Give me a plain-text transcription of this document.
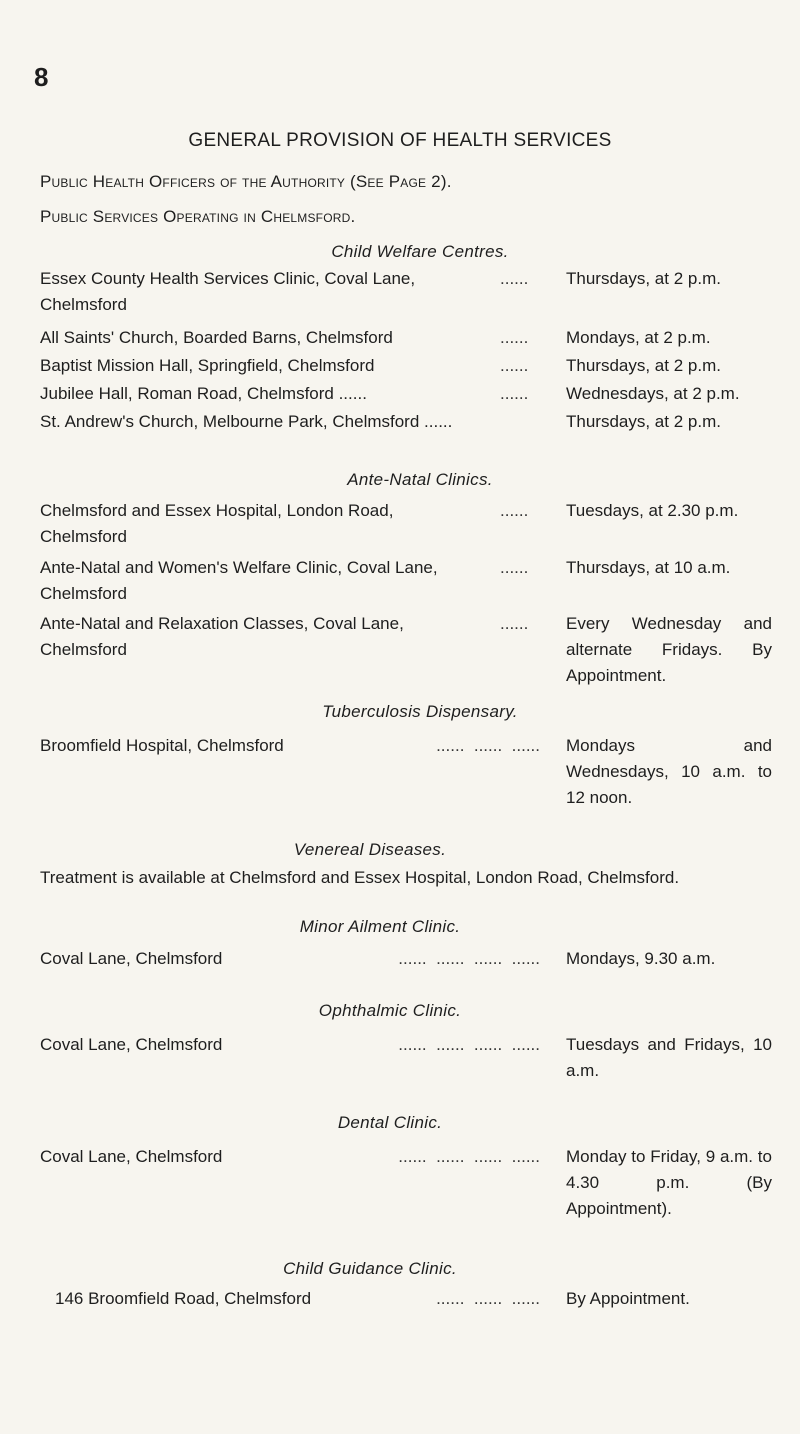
8
GENERAL PROVISION OF HEALTH SERVICES
Public Health Officers of the Authority (See Page 2).
Public Services Operating in Chelmsford.
Child Welfare Centres.
Essex County Health Services Clinic, Coval Lane, Chelmsford
......	Thursdays, at 2 p.m.
All Saints' Church, Boarded Barns, Chelmsford	......	Mondays, at 2 p.m.
Baptist Mission Hall, Springfield, Chelmsford	......	Thursdays, at 2 p.m.
Jubilee Hall, Roman Road, Chelmsford ......	......	Wednesdays, at 2 p.m.
St. Andrew's Church, Melbourne Park, Chelmsford ......	Thursdays, at 2 p.m.
Ante-Natal Clinics.
Chelmsford and Essex Hospital, London Road, Chelmsford
......	Tuesdays, at 2.30 p.m.
Ante-Natal and Women's Welfare Clinic, Coval Lane, Chelmsford
......	Thursdays, at 10 a.m.
Ante-Natal and Relaxation Classes, Coval Lane, Chelmsford
......	Every Wednesday and alternate Fridays. By Appointment.
Tuberculosis Dispensary.
Broomfield Hospital, Chelmsford	......  ......  ...... Mondays and Wednesdays, 10 a.m. to 12 noon.
Venereal Diseases.
Treatment is available at Chelmsford and Essex Hospital, London Road, Chelmsford.
Minor Ailment Clinic.
Coval Lane, Chelmsford	......  ......  ......  ...... Mondays, 9.30 a.m.
Ophthalmic Clinic.
Coval Lane, Chelmsford	......  ......  ......  ...... Tuesdays and Fridays, 10 a.m.
Dental Clinic.
Coval Lane, Chelmsford	......  ......  ......  ...... Monday to Friday, 9 a.m. to 4.30 p.m. (By Appointment).
Child Guidance Clinic.
146 Broomfield Road, Chelmsford	......  ......  ...... By Appointment.
